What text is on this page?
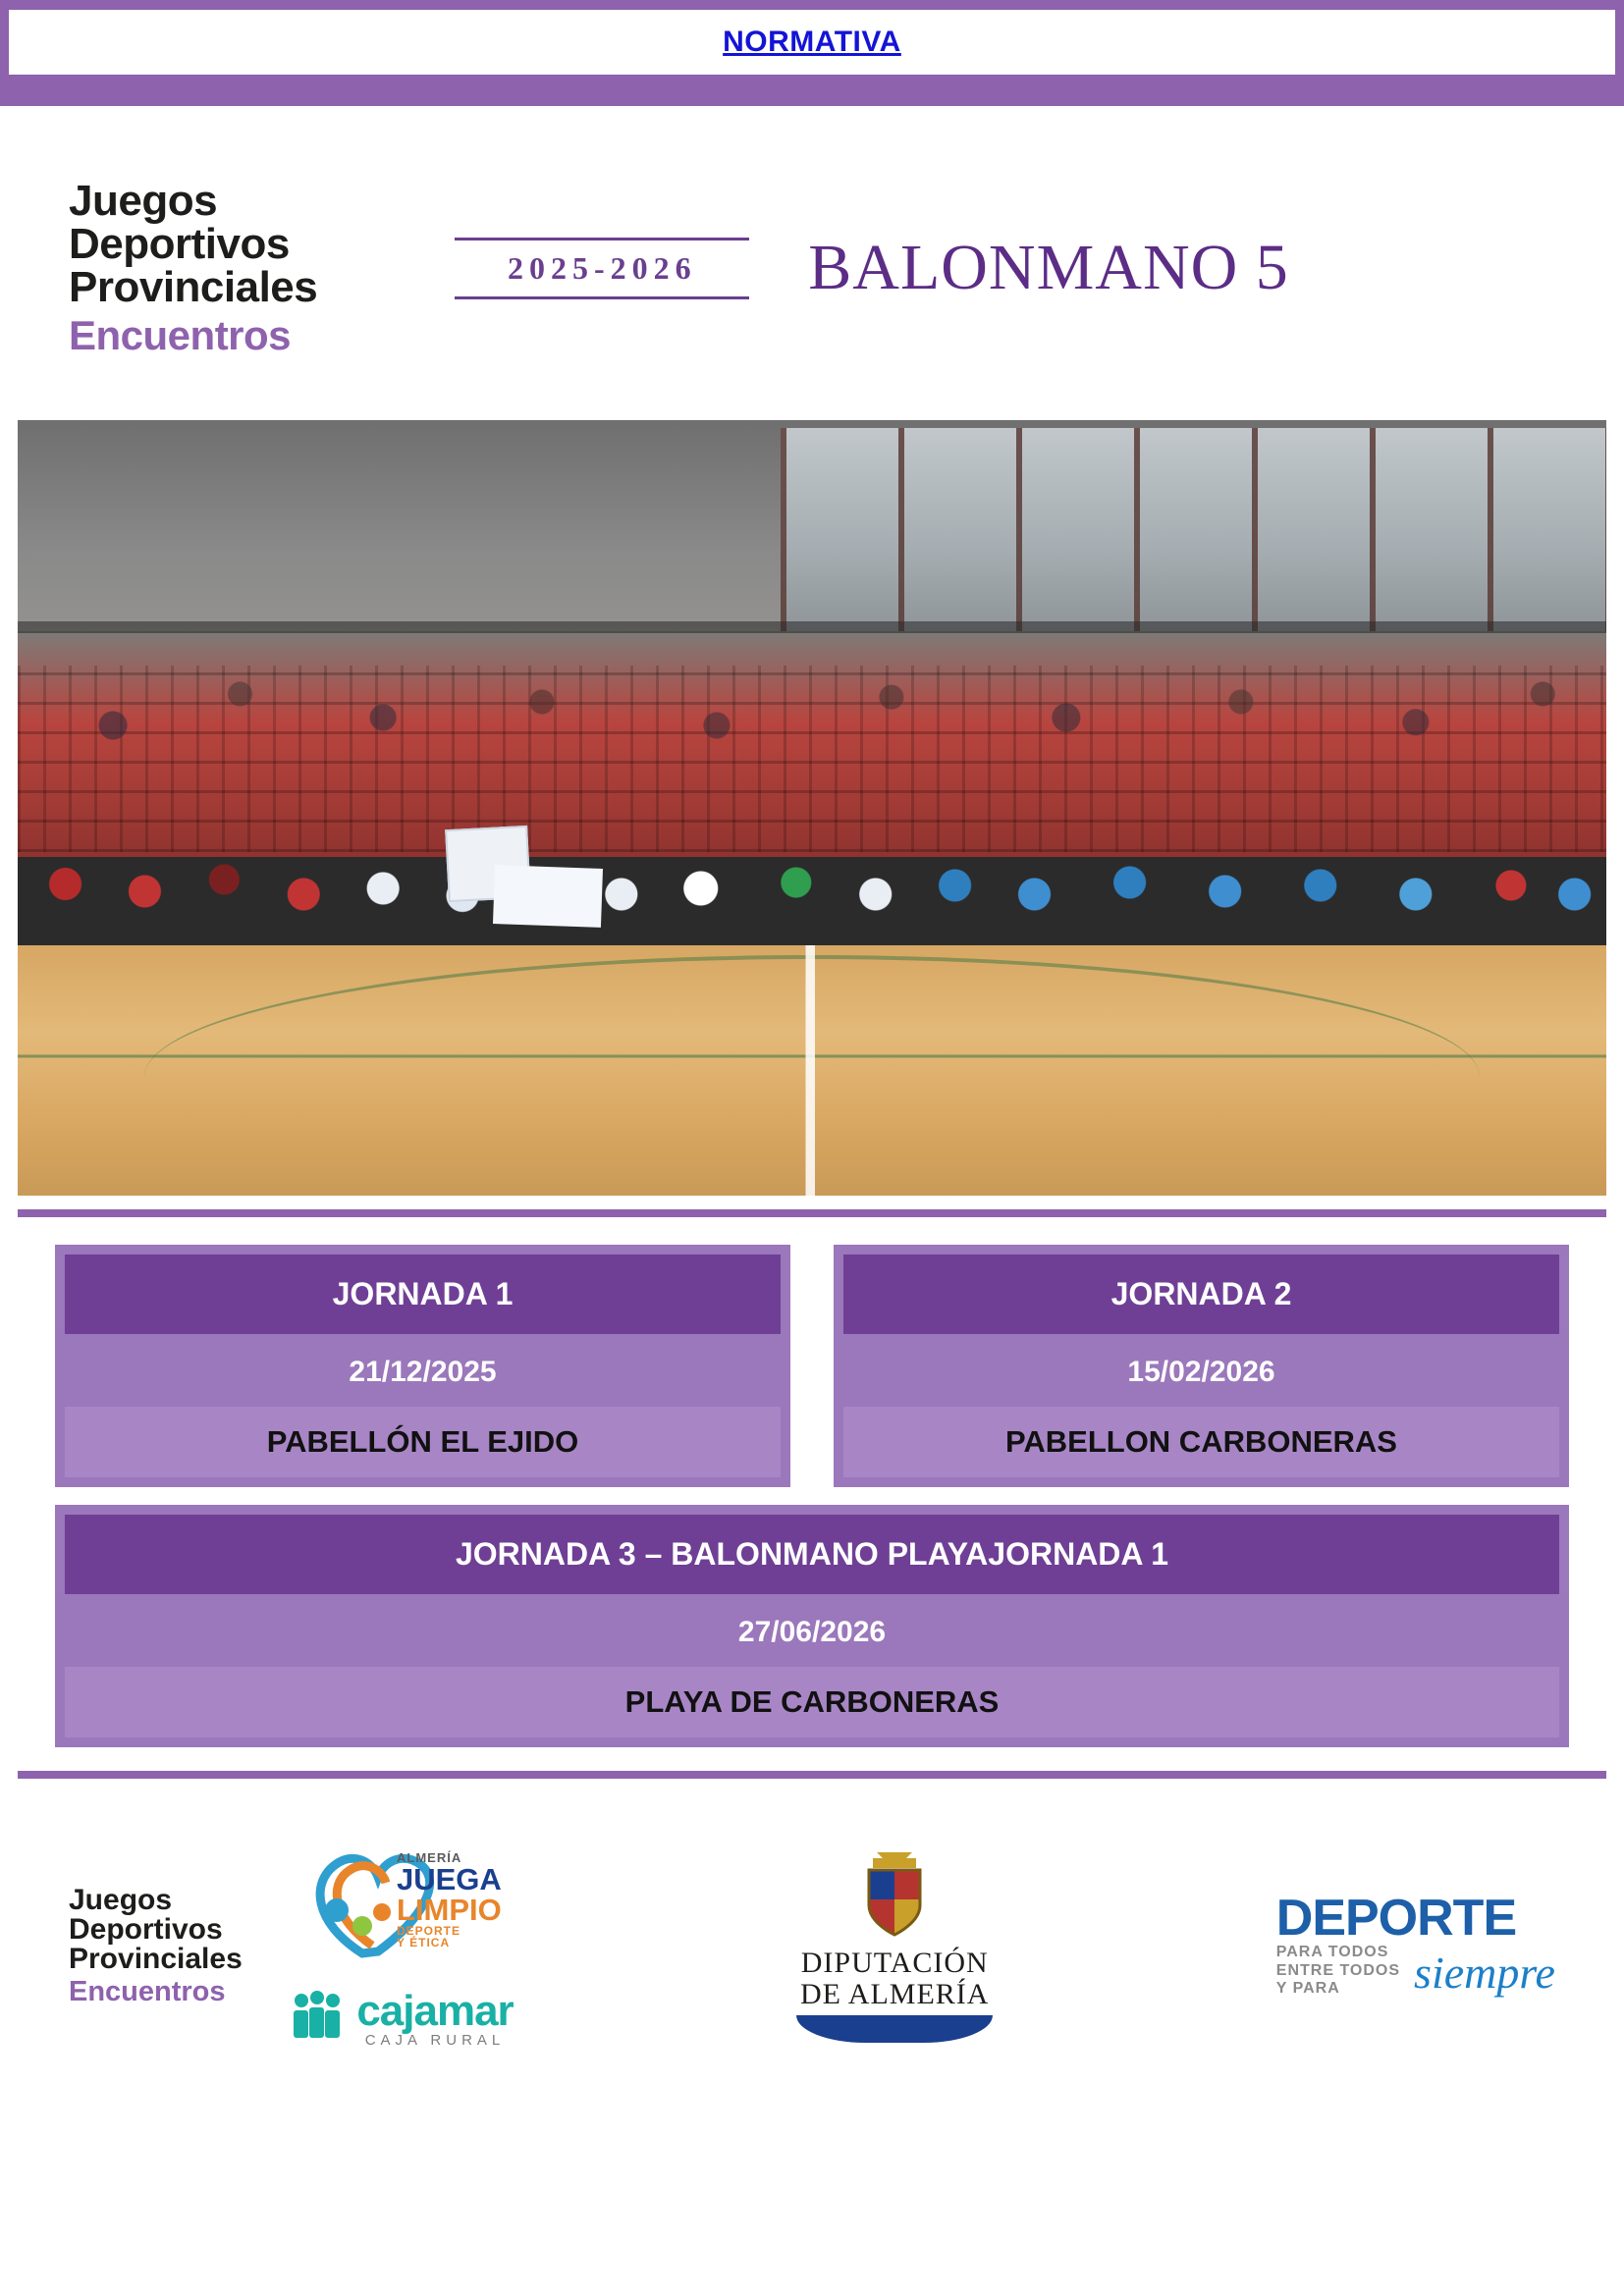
NORMATIVA
Juegos
Deportivos
Provinciales
Encuentros
2025-2026 BALONMANO 5
JORNADA 1
21/12/2025
PABELLÓN EL EJIDO
JORNADA 2
15/02/2026
PABELLON CARBONERAS
JORNADA 3 – BALONMANO PLAYAJORNADA 1
27/06/2026
PLAYA DE CARBONERAS
Juegos
Deportivos
Provinciales
Encuentros
ALMERÍA
JUEGA
LIMPIO
DEPORTE
Y ÉTICA
cajamar
CAJA RURAL
DIPUTACIÓN
DE ALMERÍA
DEPORTE
PARA TODOS
ENTRE TODOS
Y PARA	siempre
